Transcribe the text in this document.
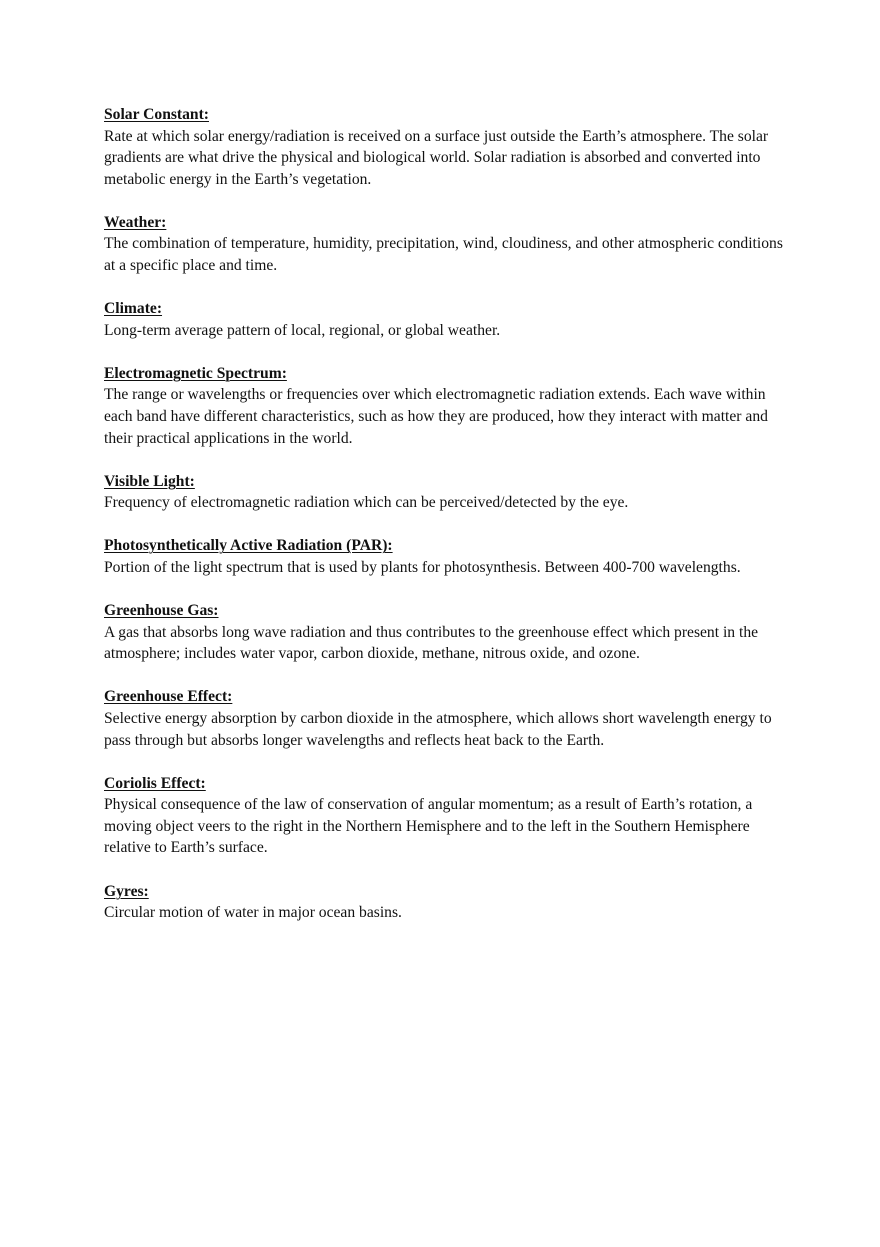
Solar Constant:
Rate at which solar energy/radiation is received on a surface just outside the Earth’s atmosphere. The solar gradients are what drive the physical and biological world. Solar radiation is absorbed and converted into metabolic energy in the Earth’s vegetation.
Weather:
The combination of temperature, humidity, precipitation, wind, cloudiness, and other atmospheric conditions at a specific place and time.
Climate:
Long-term average pattern of local, regional, or global weather.
Electromagnetic Spectrum:
The range or wavelengths or frequencies over which electromagnetic radiation extends. Each wave within each band have different characteristics, such as how they are produced, how they interact with matter and their practical applications in the world.
Visible Light:
Frequency of electromagnetic radiation which can be perceived/detected by the eye.
Photosynthetically Active Radiation (PAR):
Portion of the light spectrum that is used by plants for photosynthesis. Between 400-700 wavelengths.
Greenhouse Gas:
A gas that absorbs long wave radiation and thus contributes to the greenhouse effect which present in the atmosphere; includes water vapor, carbon dioxide, methane, nitrous oxide, and ozone.
Greenhouse Effect:
Selective energy absorption by carbon dioxide in the atmosphere, which allows short wavelength energy to pass through but absorbs longer wavelengths and reflects heat back to the Earth.
Coriolis Effect:
Physical consequence of the law of conservation of angular momentum; as a result of Earth’s rotation, a moving object veers to the right in the Northern Hemisphere and to the left in the Southern Hemisphere relative to Earth’s surface.
Gyres:
Circular motion of water in major ocean basins.
